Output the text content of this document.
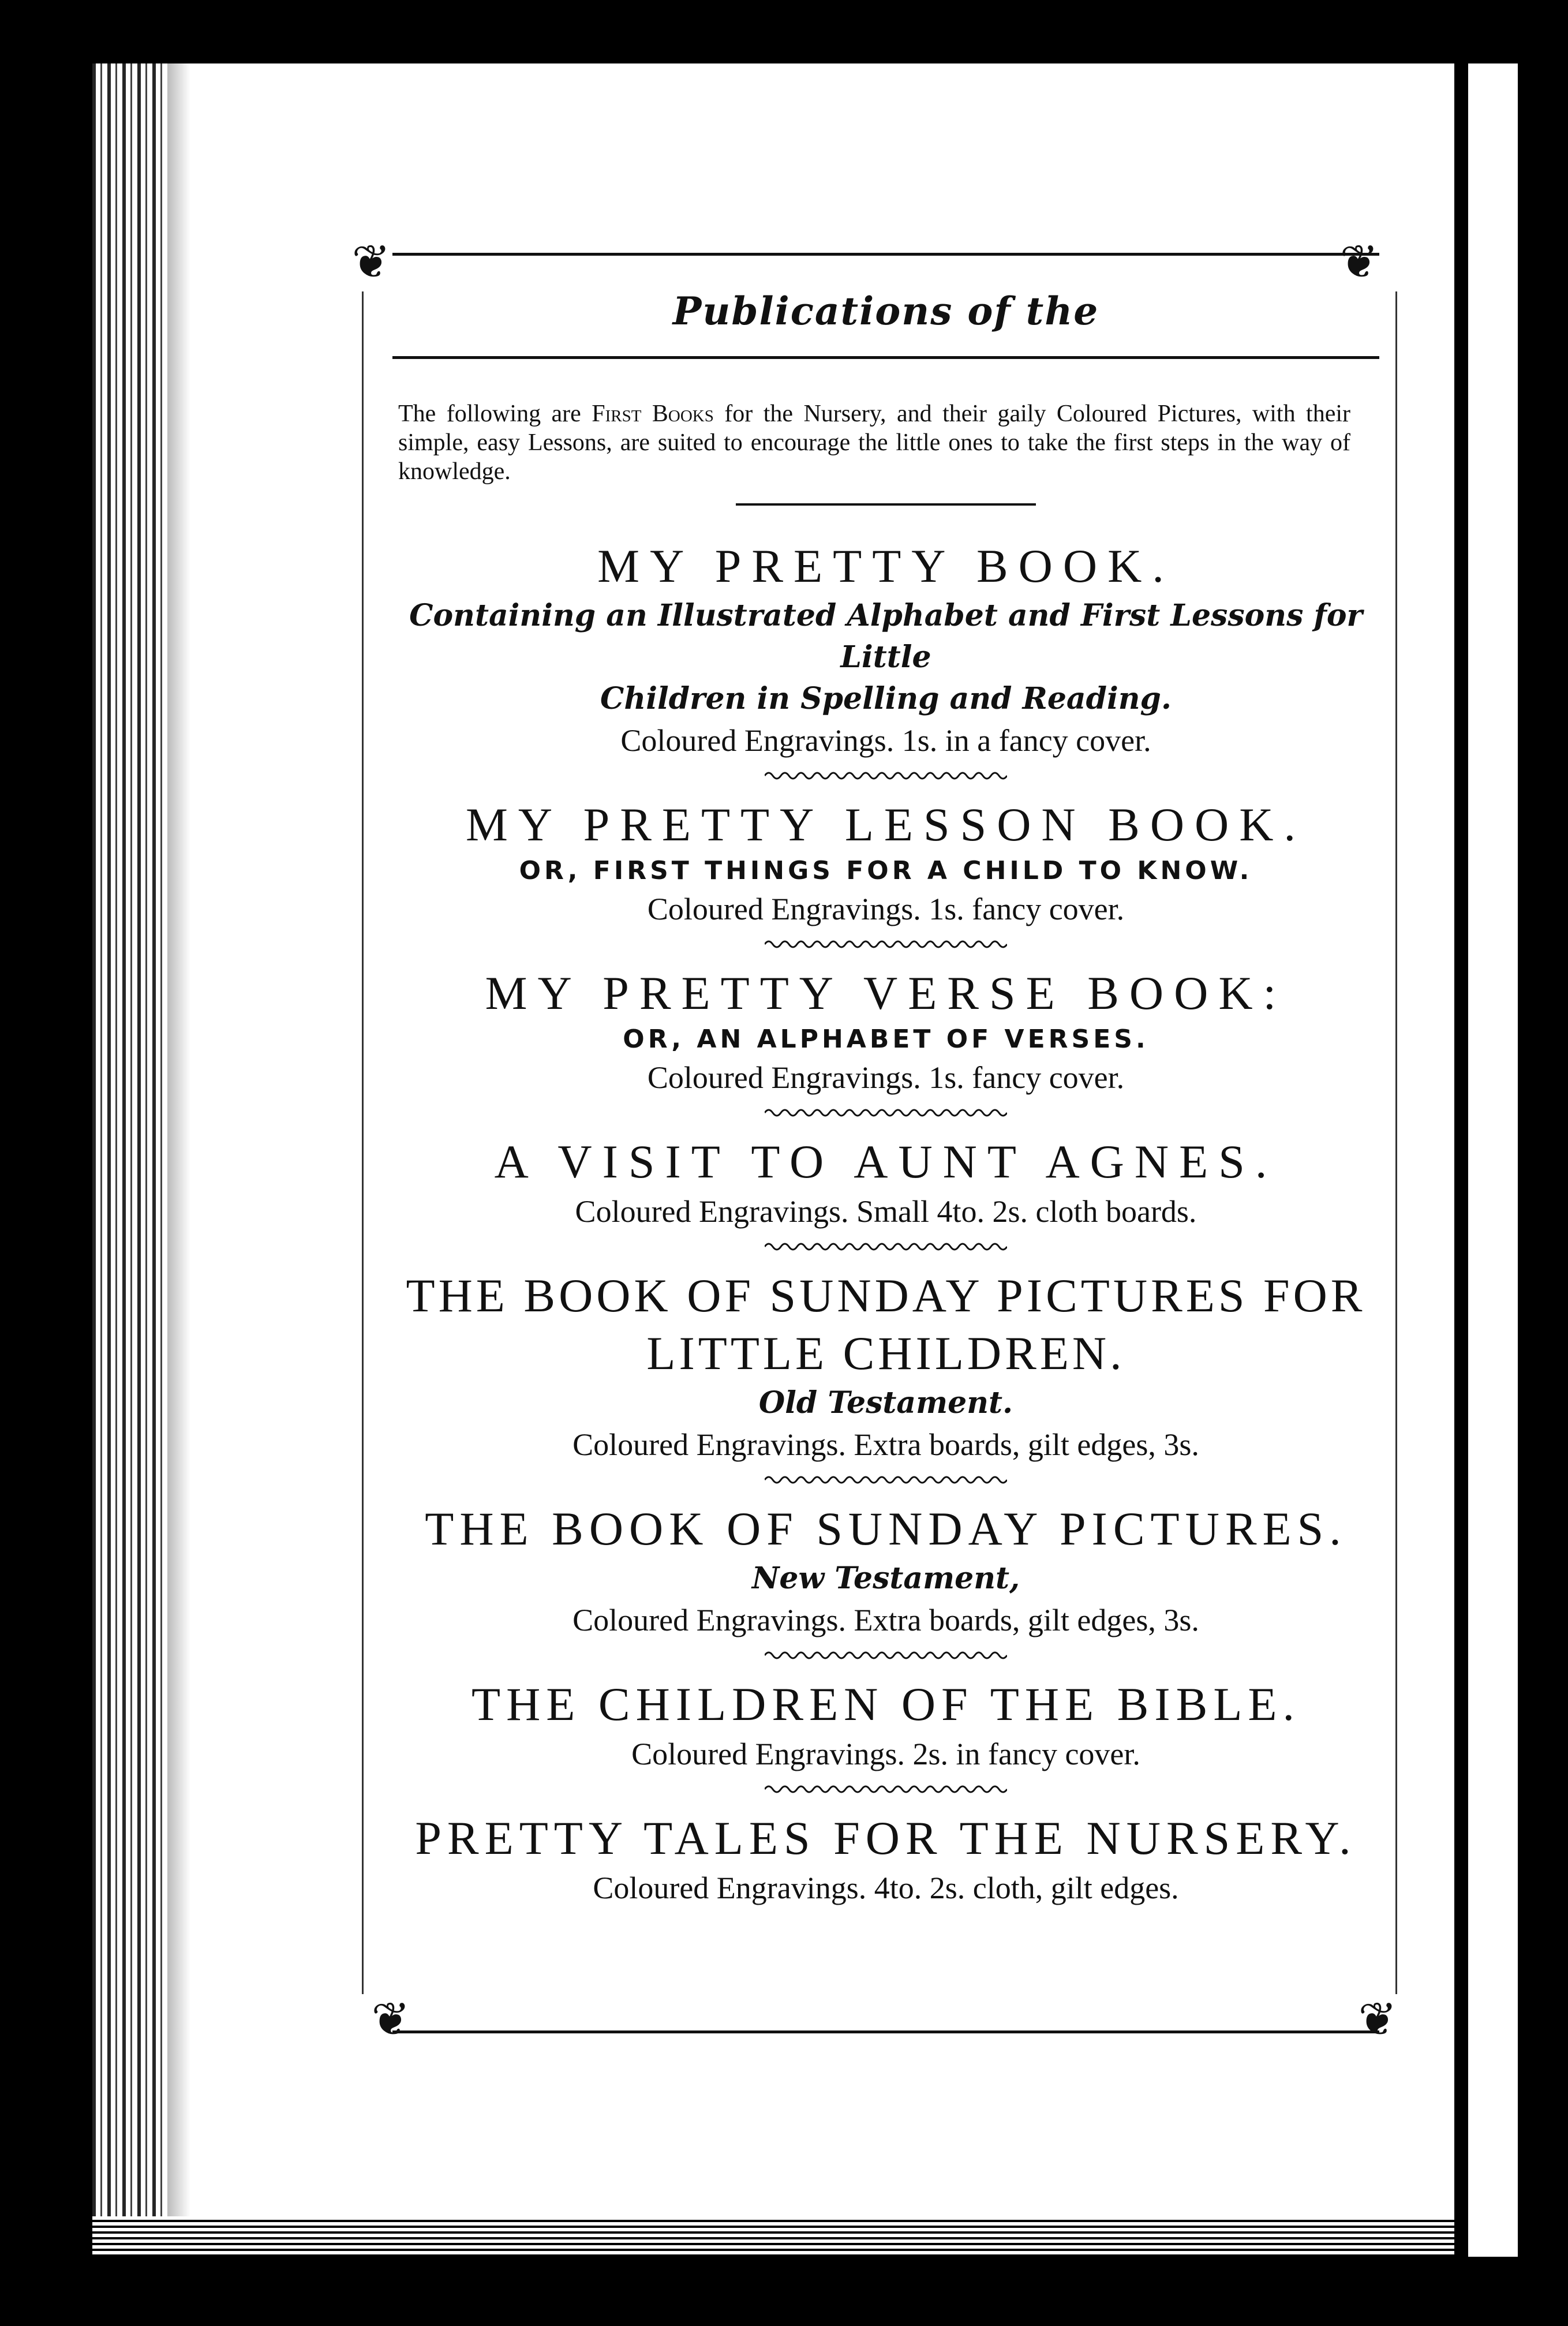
❦	❦
❦	❦
Publications of the
The following are First Books for the Nursery, and their gaily Coloured Pictures, with their simple, easy Lessons, are suited to encourage the little ones to take the first steps in the way of knowledge.
MY PRETTY BOOK.
Containing an Illustrated Alphabet and First Lessons for Little
Children in Spelling and Reading.
Coloured Engravings. 1s. in a fancy cover.
MY PRETTY LESSON BOOK.
OR, FIRST THINGS FOR A CHILD TO KNOW.
Coloured Engravings. 1s. fancy cover.
MY PRETTY VERSE BOOK:
OR, AN ALPHABET OF VERSES.
Coloured Engravings. 1s. fancy cover.
A VISIT TO AUNT AGNES.
Coloured Engravings. Small 4to. 2s. cloth boards.
THE BOOK OF SUNDAY PICTURES FOR
LITTLE CHILDREN.
Old Testament.
Coloured Engravings. Extra boards, gilt edges, 3s.
THE BOOK OF SUNDAY PICTURES.
New Testament,
Coloured Engravings. Extra boards, gilt edges, 3s.
THE CHILDREN OF THE BIBLE.
Coloured Engravings. 2s. in fancy cover.
PRETTY TALES FOR THE NURSERY.
Coloured Engravings. 4to. 2s. cloth, gilt edges.
